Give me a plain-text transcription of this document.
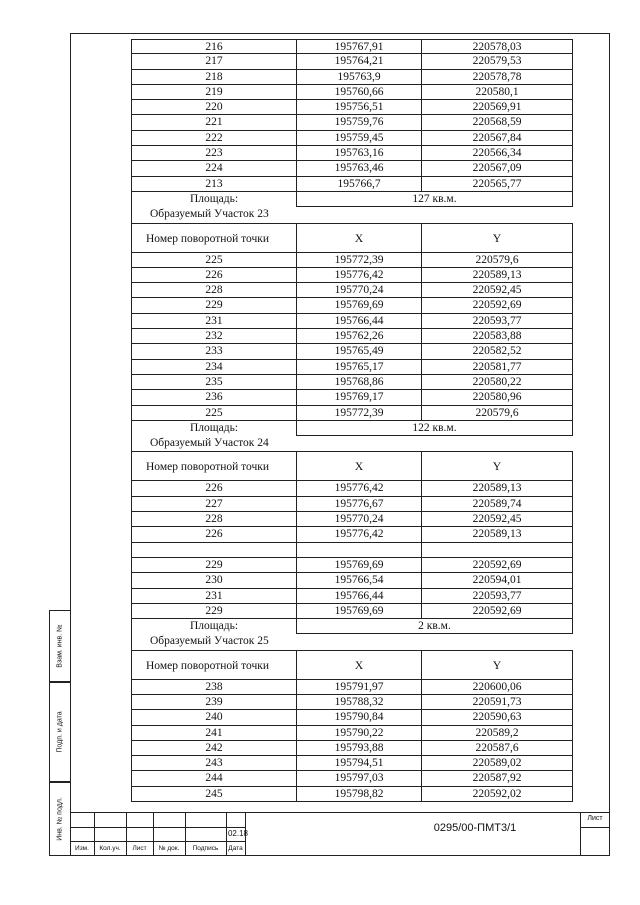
216	195767,91	220578,03
217	195764,21	220579,53
218	195763,9	220578,78
219	195760,66	220580,1
220	195756,51	220569,91
221	195759,76	220568,59
222	195759,45	220567,84
223	195763,16	220566,34
224	195763,46	220567,09
213	195766,7	220565,77
Площадь:	127 кв.м.
Образуемый Участок 23
Номер поворотной точки	X	Y
225	195772,39	220579,6
226	195776,42	220589,13
228	195770,24	220592,45
229	195769,69	220592,69
231	195766,44	220593,77
232	195762,26	220583,88
233	195765,49	220582,52
234	195765,17	220581,77
235	195768,86	220580,22
236	195769,17	220580,96
225	195772,39	220579,6
Площадь:	122 кв.м.
Образуемый Участок 24
Номер поворотной точки	X	Y
226	195776,42	220589,13
227	195776,67	220589,74
228	195770,24	220592,45
226	195776,42	220589,13
229	195769,69	220592,69
230	195766,54	220594,01
231	195766,44	220593,77
229	195769,69	220592,69
Площадь:	2 кв.м.
Образуемый Участок 25
Номер поворотной точки	X	Y
238	195791,97	220600,06
239	195788,32	220591,73
240	195790,84	220590,63
241	195790,22	220589,2
242	195793,88	220587,6
243	195794,51	220589,02
244	195797,03	220587,92
245	195798,82	220592,02
Взам. инв. №
Подп. и дата
Инв. № подл.
Изм.	Кол.уч.	Лист	№ док.	Подпись	Дата
02.18	0295/00-ПМТ3/1
Лист
